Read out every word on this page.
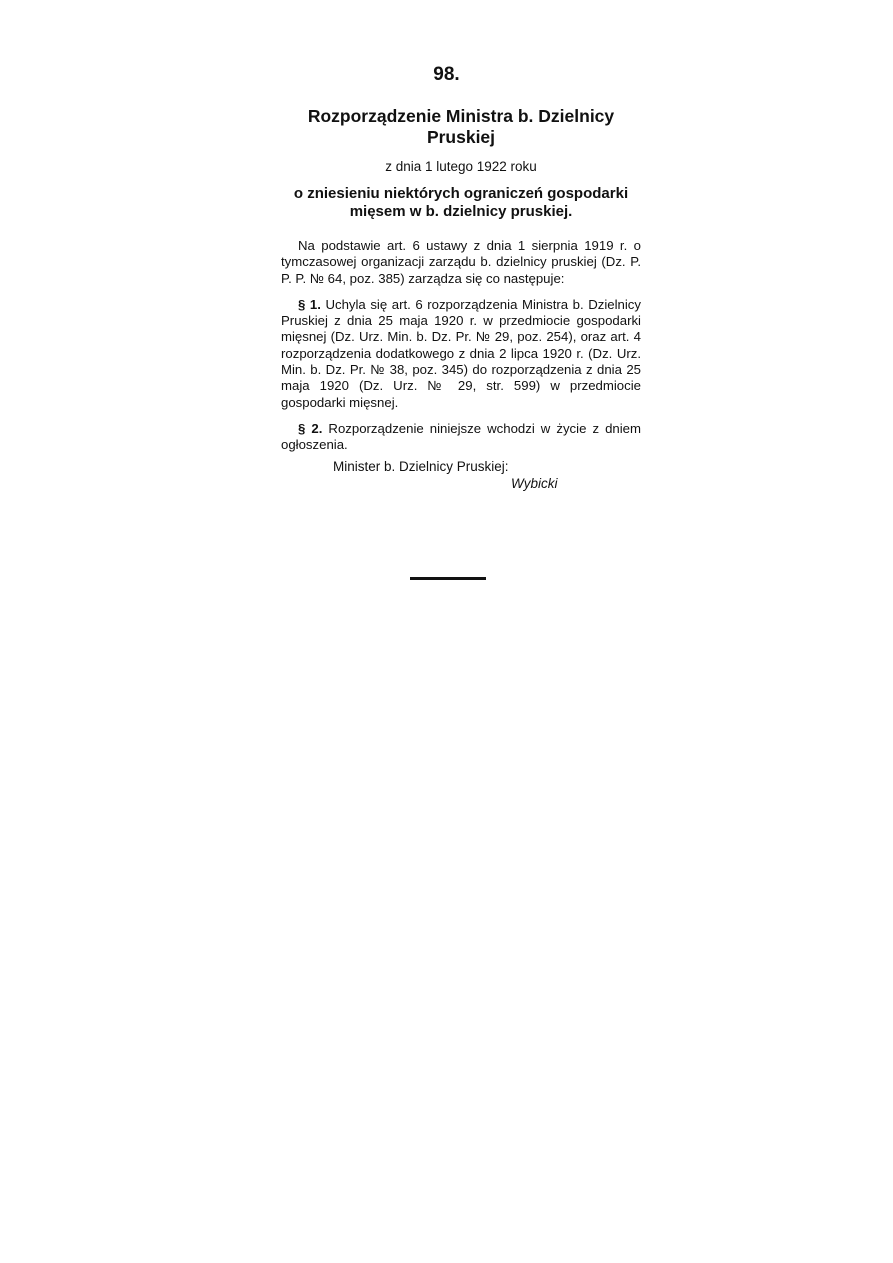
98.

Rozporządzenie Ministra b. Dzielnicy Pruskiej

z dnia 1 lutego 1922 roku

o zniesieniu niektórych ograniczeń gospodarki mięsem w b. dzielnicy pruskiej.

Na podstawie art. 6 ustawy z dnia 1 sierpnia 1919 r. o tymczasowej organizacji zarządu b. dzielnicy pruskiej (Dz. P. P. P. № 64, poz. 385) zarządza się co następuje:

§ 1. Uchyla się art. 6 rozporządzenia Ministra b. Dzielnicy Pruskiej z dnia 25 maja 1920 r. w przedmiocie gospodarki mięsnej (Dz. Urz. Min. b. Dz. Pr. № 29, poz. 254), oraz art. 4 rozporządzenia dodatkowego z dnia 2 lipca 1920 r. (Dz. Urz. Min. b. Dz. Pr. № 38, poz. 345) do rozporządzenia z dnia 25 maja 1920 (Dz. Urz. № 29, str. 599) w przedmiocie gospodarki mięsnej.

§ 2. Rozporządzenie niniejsze wchodzi w życie z dniem ogłoszenia.

Minister b. Dzielnicy Pruskiej:

Wybicki
